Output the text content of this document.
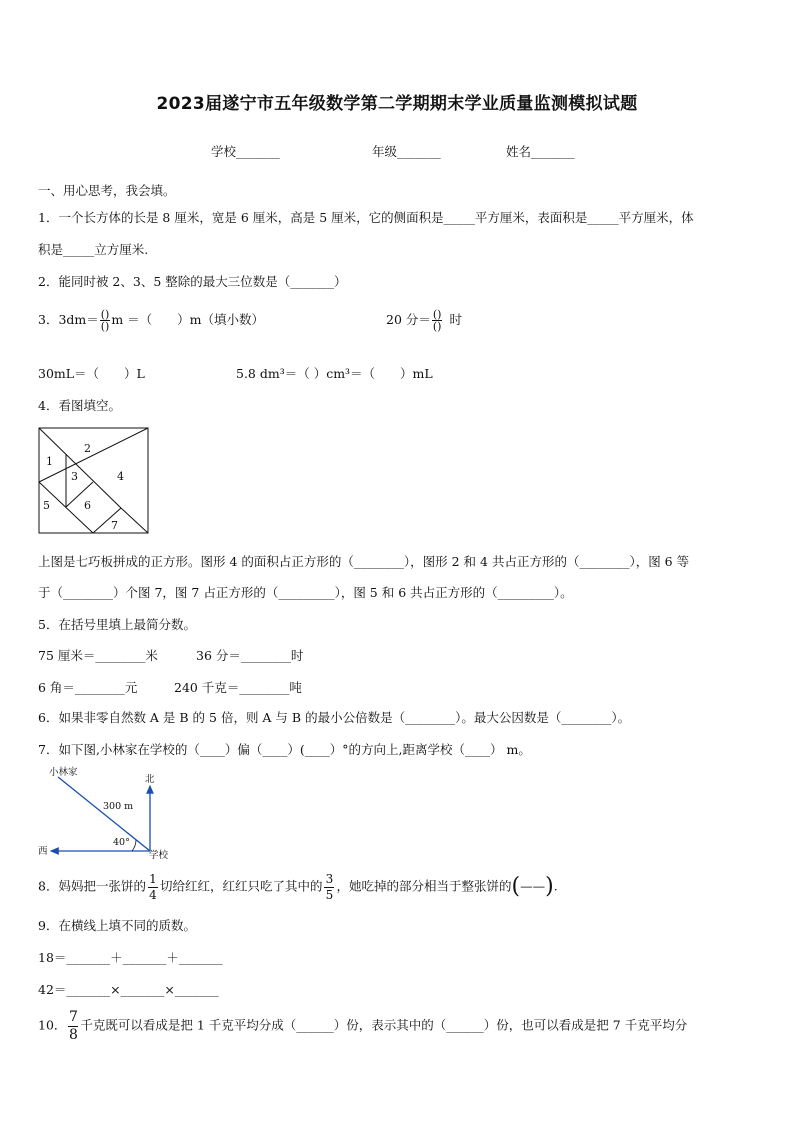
2023届遂宁市五年级数学第二学期期末学业质量监测模拟试题
学校_______	年级_______	姓名_______
一、用心思考，我会填。
1．一个长方体的长是 8 厘米，宽是 6 厘米，高是 5 厘米，它的侧面积是_____平方厘米，表面积是_____平方厘米，体
积是_____立方厘米.
2．能同时被 2、3、5 整除的最大三位数是（_______）
3．$3dm= \frac{()}{()}$ m ＝（　　）m（填小数）	20 分＝ $\frac{()}{()}$ 时
30mL＝（　　）L	5.8 dm³＝（ ）cm³＝（　　）mL
4．看图填空。
1
2
3	4
5	6
7
上图是七巧板拼成的正方形。图形 4 的面积占正方形的（________），图形 2 和 4 共占正方形的（________），图 6 等
于（________）个图 7，图 7 占正方形的（_________），图 5 和 6 共占正方形的（_________）。
5．在括号里填上最简分数。
75 厘米＝________米	36 分＝________时
6 角＝________元	240 千克＝________吨
6．如果非零自然数 A 是 B 的 5 倍，则 A 与 B 的最小公倍数是（________）。最大公因数是（________）。
7．如下图,小林家在学校的（____）偏（____）(____）°的方向上,距离学校（____） m。
小林家
北
西	学校
300 m
40°
8．妈妈把一张饼的 $\frac{1}{4}$ 切给红红，红红只吃了其中的 $\frac{3}{5}$ ，她吃掉的部分相当于整张饼的(——).
9．在横线上填不同的质数。
18＝_______＋_______＋_______
42＝_______×_______×_______
10． $\frac{7}{8}$ 千克既可以看成是把 1 千克平均分成（______）份，表示其中的（______）份，也可以看成是把 7 千克平均分
